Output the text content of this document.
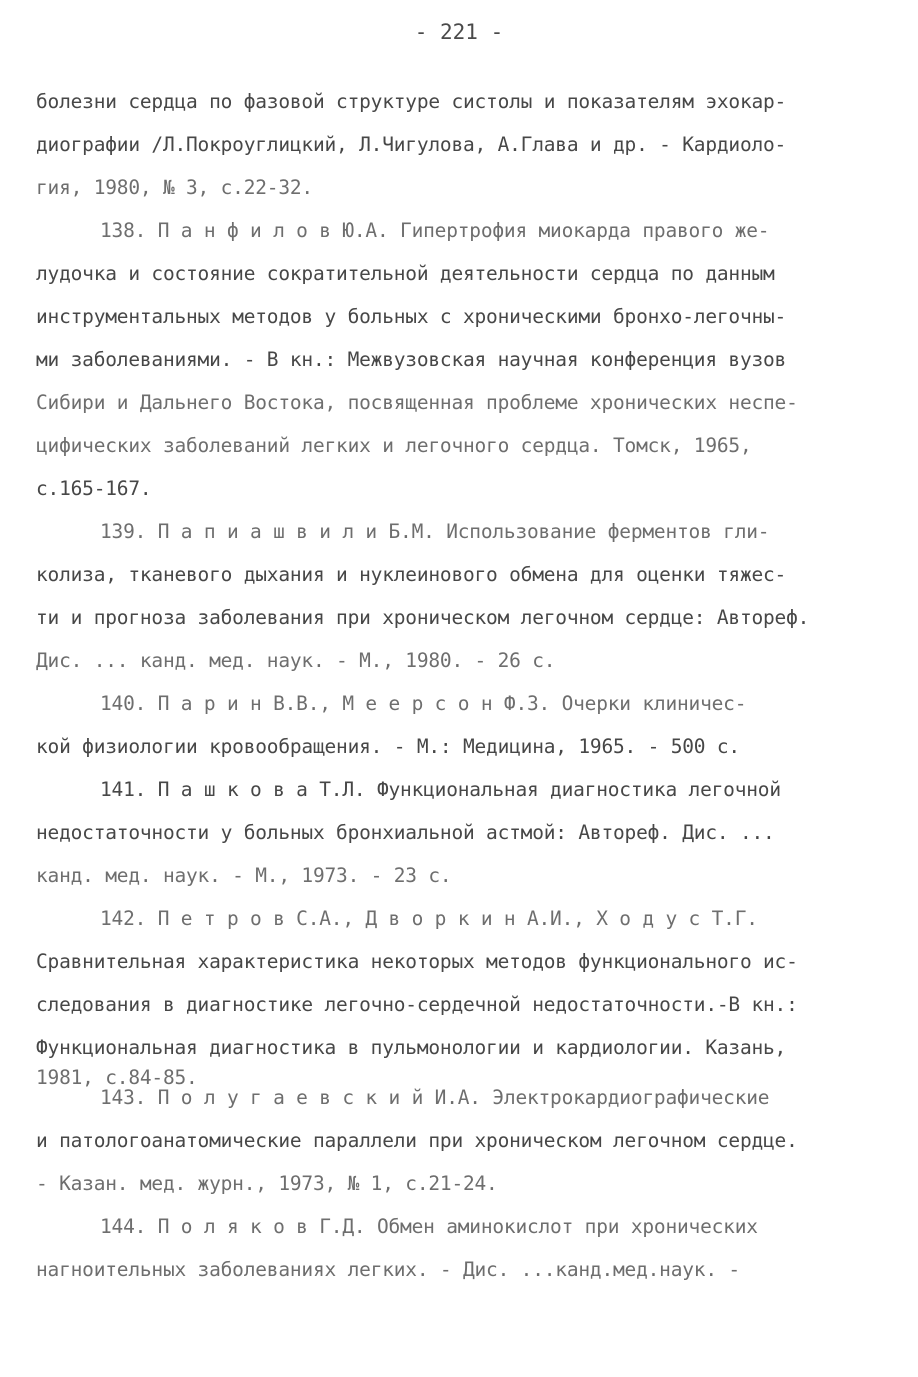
- 221 -
болезни сердца по фазовой структуре систолы и показателям эхокар-
диографии /Л.Покроуглицкий, Л.Чигулова, А.Глава и др. - Кардиоло-
гия, 1980, № 3, с.22-32.
138. П а н ф и л о в Ю.А. Гипертрофия миокарда правого же-
лудочка и состояние сократительной деятельности сердца по данным
инструментальных методов у больных с хроническими бронхо-легочны-
ми заболеваниями. - В кн.: Межвузовская научная конференция вузов
Сибири и Дальнего Востока, посвященная проблеме хронических неспе-
цифических заболеваний легких и легочного сердца. Томск, 1965,
с.165-167.
139. П а п и а ш в и л и Б.М. Использование ферментов гли-
колиза, тканевого дыхания и нуклеинового обмена для оценки тяжес-
ти и прогноза заболевания при хроническом легочном сердце: Автореф.
Дис. ... канд. мед. наук. - М., 1980. - 26 с.
140. П а р и н В.В., М е е р с о н Ф.З. Очерки клиничес-
кой физиологии кровообращения. - М.: Медицина, 1965. - 500 с.
141. П а ш к о в а Т.Л. Функциональная диагностика легочной
недостаточности у больных бронхиальной астмой: Автореф. Дис. ...
канд. мед. наук. - М., 1973. - 23 с.
142. П е т р о в С.А., Д в о р к и н А.И., Х о д у с Т.Г.
Сравнительная характеристика некоторых методов функционального ис-
следования в диагностике легочно-сердечной недостаточности.-В кн.:
Функциональная диагностика в пульмонологии и кардиологии. Казань,
1981, с.84-85.
143. П о л у г а е в с к и й И.А. Электрокардиографические
и патологоанатомические параллели при хроническом легочном сердце.
- Казан. мед. журн., 1973, № 1, с.21-24.
144. П о л я к о в Г.Д. Обмен аминокислот при хронических
нагноительных заболеваниях легких. - Дис. ...канд.мед.наук. -
